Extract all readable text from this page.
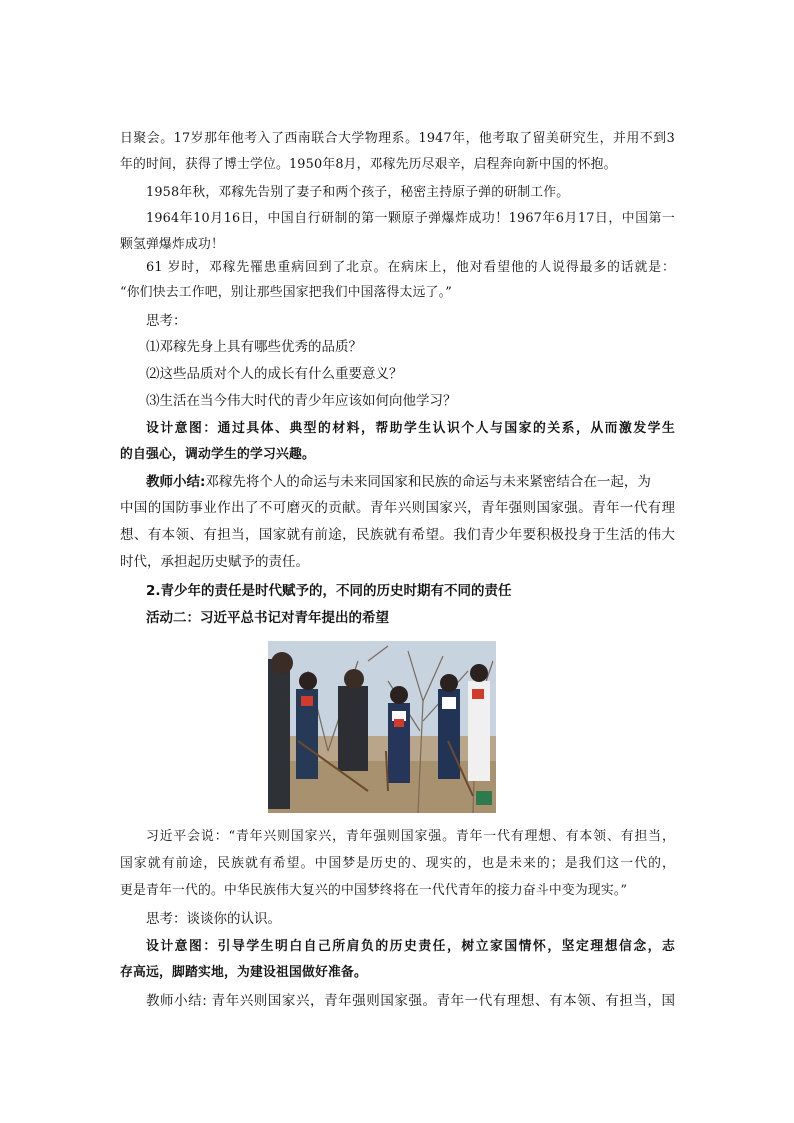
日聚会。17岁那年他考入了西南联合大学物理系。1947年，他考取了留美研究生，并用不到3
年的时间，获得了博士学位。1950年8月，邓稼先历尽艰辛，启程奔向新中国的怀抱。
1958年秋，邓稼先告别了妻子和两个孩子，秘密主持原子弹的研制工作。
1964年10月16日，中国自行研制的第一颗原子弹爆炸成功！1967年6月17日，中国第一
颗氢弹爆炸成功！
61 岁时，邓稼先罹患重病回到了北京。在病床上，他对看望他的人说得最多的话就是：
“你们快去工作吧，别让那些国家把我们中国落得太远了。”
思考：
⑴邓稼先身上具有哪些优秀的品质？
⑵这些品质对个人的成长有什么重要意义？
⑶生活在当今伟大时代的青少年应该如何向他学习？
设计意图：通过具体、典型的材料，帮助学生认识个人与国家的关系，从而激发学生
的自强心，调动学生的学习兴趣。
教师小结:邓稼先将个人的命运与未来同国家和民族的命运与未来紧密结合在一起，为
中国的国防事业作出了不可磨灭的贡献。青年兴则国家兴，青年强则国家强。青年一代有理
想、有本领、有担当，国家就有前途，民族就有希望。我们青少年要积极投身于生活的伟大
时代，承担起历史赋予的责任。
2.青少年的责任是时代赋予的，不同的历史时期有不同的责任
活动二：习近平总书记对青年提出的希望
习近平会说：“青年兴则国家兴，青年强则国家强。青年一代有理想、有本领、有担当，
国家就有前途，民族就有希望。中国梦是历史的、现实的，也是未来的；是我们这一代的，
更是青年一代的。中华民族伟大复兴的中国梦终将在一代代青年的接力奋斗中变为现实。”
思考：谈谈你的认识。
设计意图：引导学生明白自己所肩负的历史责任，树立家国情怀，坚定理想信念，志
存高远，脚踏实地，为建设祖国做好准备。
教师小结: 青年兴则国家兴，青年强则国家强。青年一代有理想、有本领、有担当，国
